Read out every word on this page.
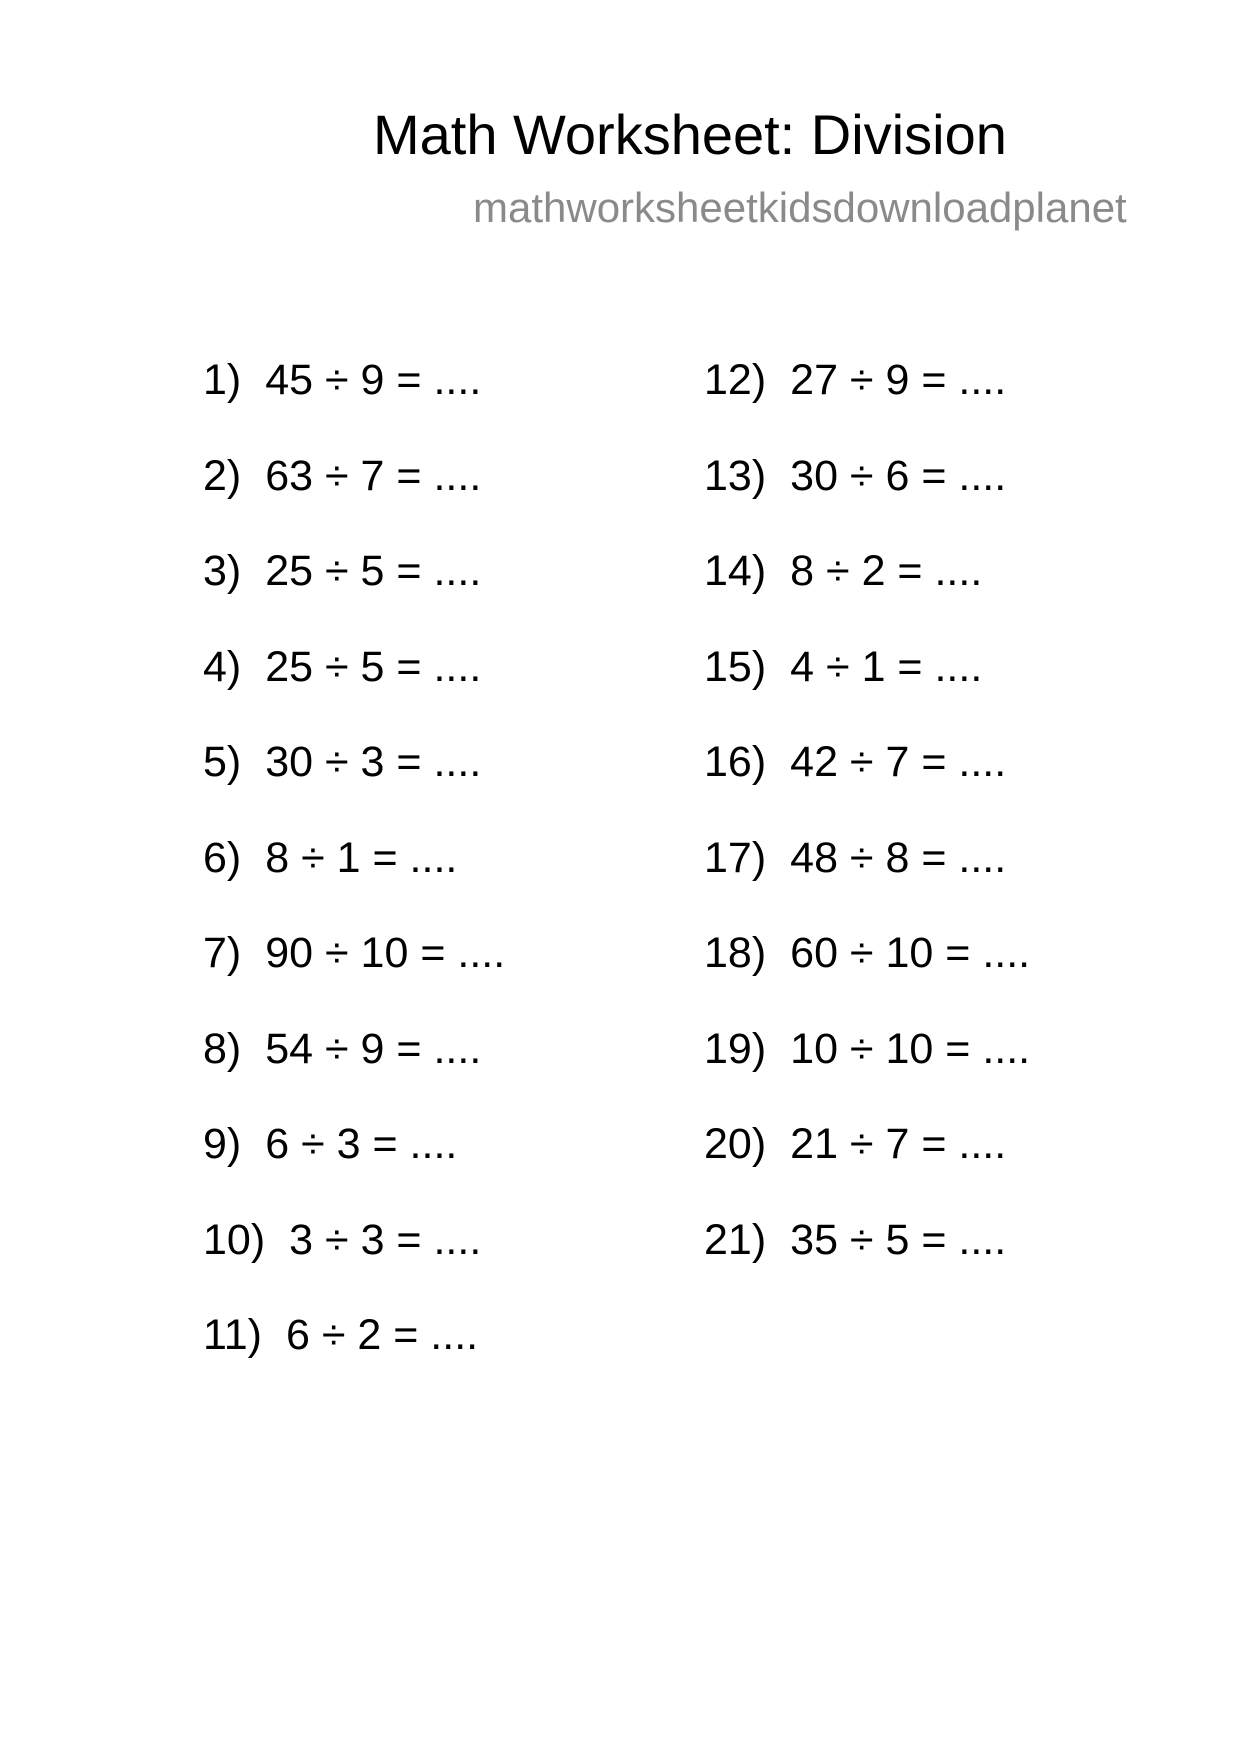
Math Worksheet: Division
mathworksheetkidsdownloadplanet
1) 45 ÷ 9 = ....
2) 63 ÷ 7 = ....
3) 25 ÷ 5 = ....
4) 25 ÷ 5 = ....
5) 30 ÷ 3 = ....
6) 8 ÷ 1 = ....
7) 90 ÷ 10 = ....
8) 54 ÷ 9 = ....
9) 6 ÷ 3 = ....
10) 3 ÷ 3 = ....
11) 6 ÷ 2 = ....
12) 27 ÷ 9 = ....
13) 30 ÷ 6 = ....
14) 8 ÷ 2 = ....
15) 4 ÷ 1 = ....
16) 42 ÷ 7 = ....
17) 48 ÷ 8 = ....
18) 60 ÷ 10 = ....
19) 10 ÷ 10 = ....
20) 21 ÷ 7 = ....
21) 35 ÷ 5 = ....
